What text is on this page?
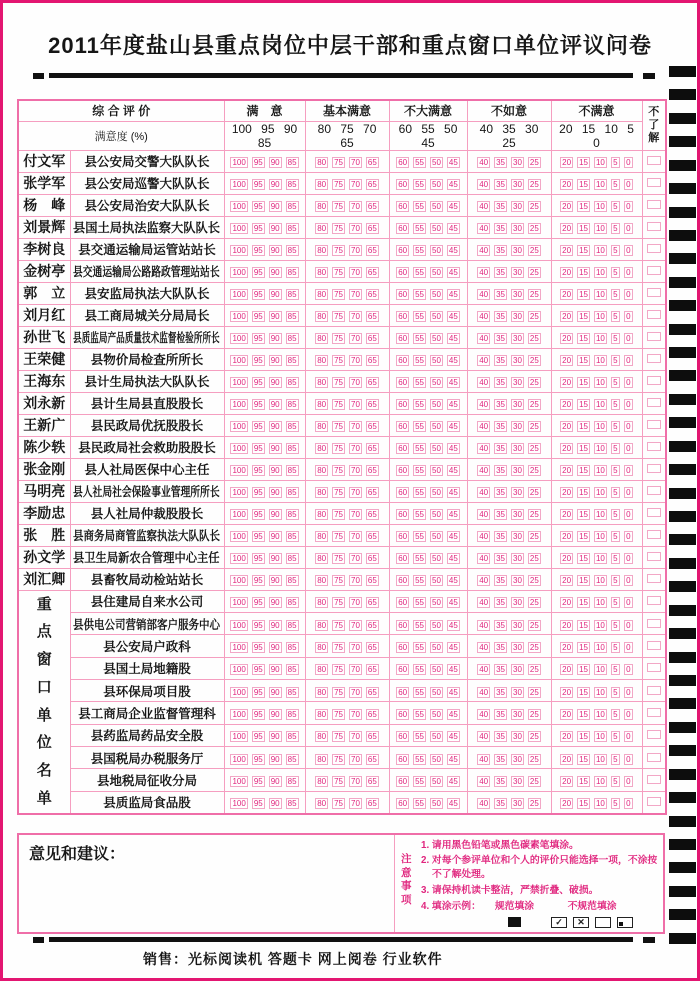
2011年度盐山县重点岗位中层干部和重点窗口单位评议问卷
综 合 评 价		满　意	基本满意	不大满意	不如意	不满意	不了解
满意度 (%)		100 95 90 85	80 75 70 65	60 55 50 45	40 35 30 25	20 15 10 5 0	
付文军	县公安局交警大队队长	100 95 90 85	80 75 70 65	60 55 50 45	40 35 30 25	20 15 10 5 0	
张学军	县公安局巡警大队队长	100 95 90 85	80 75 70 65	60 55 50 45	40 35 30 25	20 15 10 5 0	
杨　峰	县公安局治安大队队长	100 95 90 85	80 75 70 65	60 55 50 45	40 35 30 25	20 15 10 5 0	
刘景辉	县国土局执法监察大队队长	100 95 90 85	80 75 70 65	60 55 50 45	40 35 30 25	20 15 10 5 0	
李树良	县交通运输局运管站站长	100 95 90 85	80 75 70 65	60 55 50 45	40 35 30 25	20 15 10 5 0	
金树亭	县交通运输局公路路政管理站站长	100 95 90 85	80 75 70 65	60 55 50 45	40 35 30 25	20 15 10 5 0	
郭　立	县安监局执法大队队长	100 95 90 85	80 75 70 65	60 55 50 45	40 35 30 25	20 15 10 5 0	
刘月红	县工商局城关分局局长	100 95 90 85	80 75 70 65	60 55 50 45	40 35 30 25	20 15 10 5 0	
孙世飞	县质监局产品质量技术监督检验所所长	100 95 90 85	80 75 70 65	60 55 50 45	40 35 30 25	20 15 10 5 0	
王荣健	县物价局检查所所长	100 95 90 85	80 75 70 65	60 55 50 45	40 35 30 25	20 15 10 5 0	
王海东	县计生局执法大队队长	100 95 90 85	80 75 70 65	60 55 50 45	40 35 30 25	20 15 10 5 0	
刘永新	县计生局县直股股长	100 95 90 85	80 75 70 65	60 55 50 45	40 35 30 25	20 15 10 5 0	
王新广	县民政局优抚股股长	100 95 90 85	80 75 70 65	60 55 50 45	40 35 30 25	20 15 10 5 0	
陈少轶	县民政局社会救助股股长	100 95 90 85	80 75 70 65	60 55 50 45	40 35 30 25	20 15 10 5 0	
张金刚	县人社局医保中心主任	100 95 90 85	80 75 70 65	60 55 50 45	40 35 30 25	20 15 10 5 0	
马明亮	县人社局社会保险事业管理所所长	100 95 90 85	80 75 70 65	60 55 50 45	40 35 30 25	20 15 10 5 0	
李励忠	县人社局仲裁股股长	100 95 90 85	80 75 70 65	60 55 50 45	40 35 30 25	20 15 10 5 0	
张　胜	县商务局商管监察执法大队队长	100 95 90 85	80 75 70 65	60 55 50 45	40 35 30 25	20 15 10 5 0	
孙文学	县卫生局新农合管理中心主任	100 95 90 85	80 75 70 65	60 55 50 45	40 35 30 25	20 15 10 5 0	
刘汇卿	县畜牧局动检站站长	100 95 90 85	80 75 70 65	60 55 50 45	40 35 30 25	20 15 10 5 0	
重点窗口单位名单	县住建局自来水公司	100 95 90 85	80 75 70 65	60 55 50 45	40 35 30 25	20 15 10 5 0	
	县供电公司营销部客户服务中心	100 95 90 85	80 75 70 65	60 55 50 45	40 35 30 25	20 15 10 5 0	
	县公安局户政科	100 95 90 85	80 75 70 65	60 55 50 45	40 35 30 25	20 15 10 5 0	
	县国土局地籍股	100 95 90 85	80 75 70 65	60 55 50 45	40 35 30 25	20 15 10 5 0	
	县环保局项目股	100 95 90 85	80 75 70 65	60 55 50 45	40 35 30 25	20 15 10 5 0	
	县工商局企业监督管理科	100 95 90 85	80 75 70 65	60 55 50 45	40 35 30 25	20 15 10 5 0	
	县药监局药品安全股	100 95 90 85	80 75 70 65	60 55 50 45	40 35 30 25	20 15 10 5 0	
	县国税局办税服务厅	100 95 90 85	80 75 70 65	60 55 50 45	40 35 30 25	20 15 10 5 0	
	县地税局征收分局	100 95 90 85	80 75 70 65	60 55 50 45	40 35 30 25	20 15 10 5 0	
	县质监局食品股	100 95 90 85	80 75 70 65	60 55 50 45	40 35 30 25	20 15 10 5 0	
意见和建议：	注意事项
1. 请用黑色铅笔或黑色碳素笔填涂。
2. 对每个参评单位和个人的评价只能选择一项，不涂按不了解处理。
3. 请保持机读卡整洁，严禁折叠、破损。
4. 填涂示例： 规范填涂	不规范填涂
✓ ✕
销售：光标阅读机 答题卡 网上阅卷 行业软件
